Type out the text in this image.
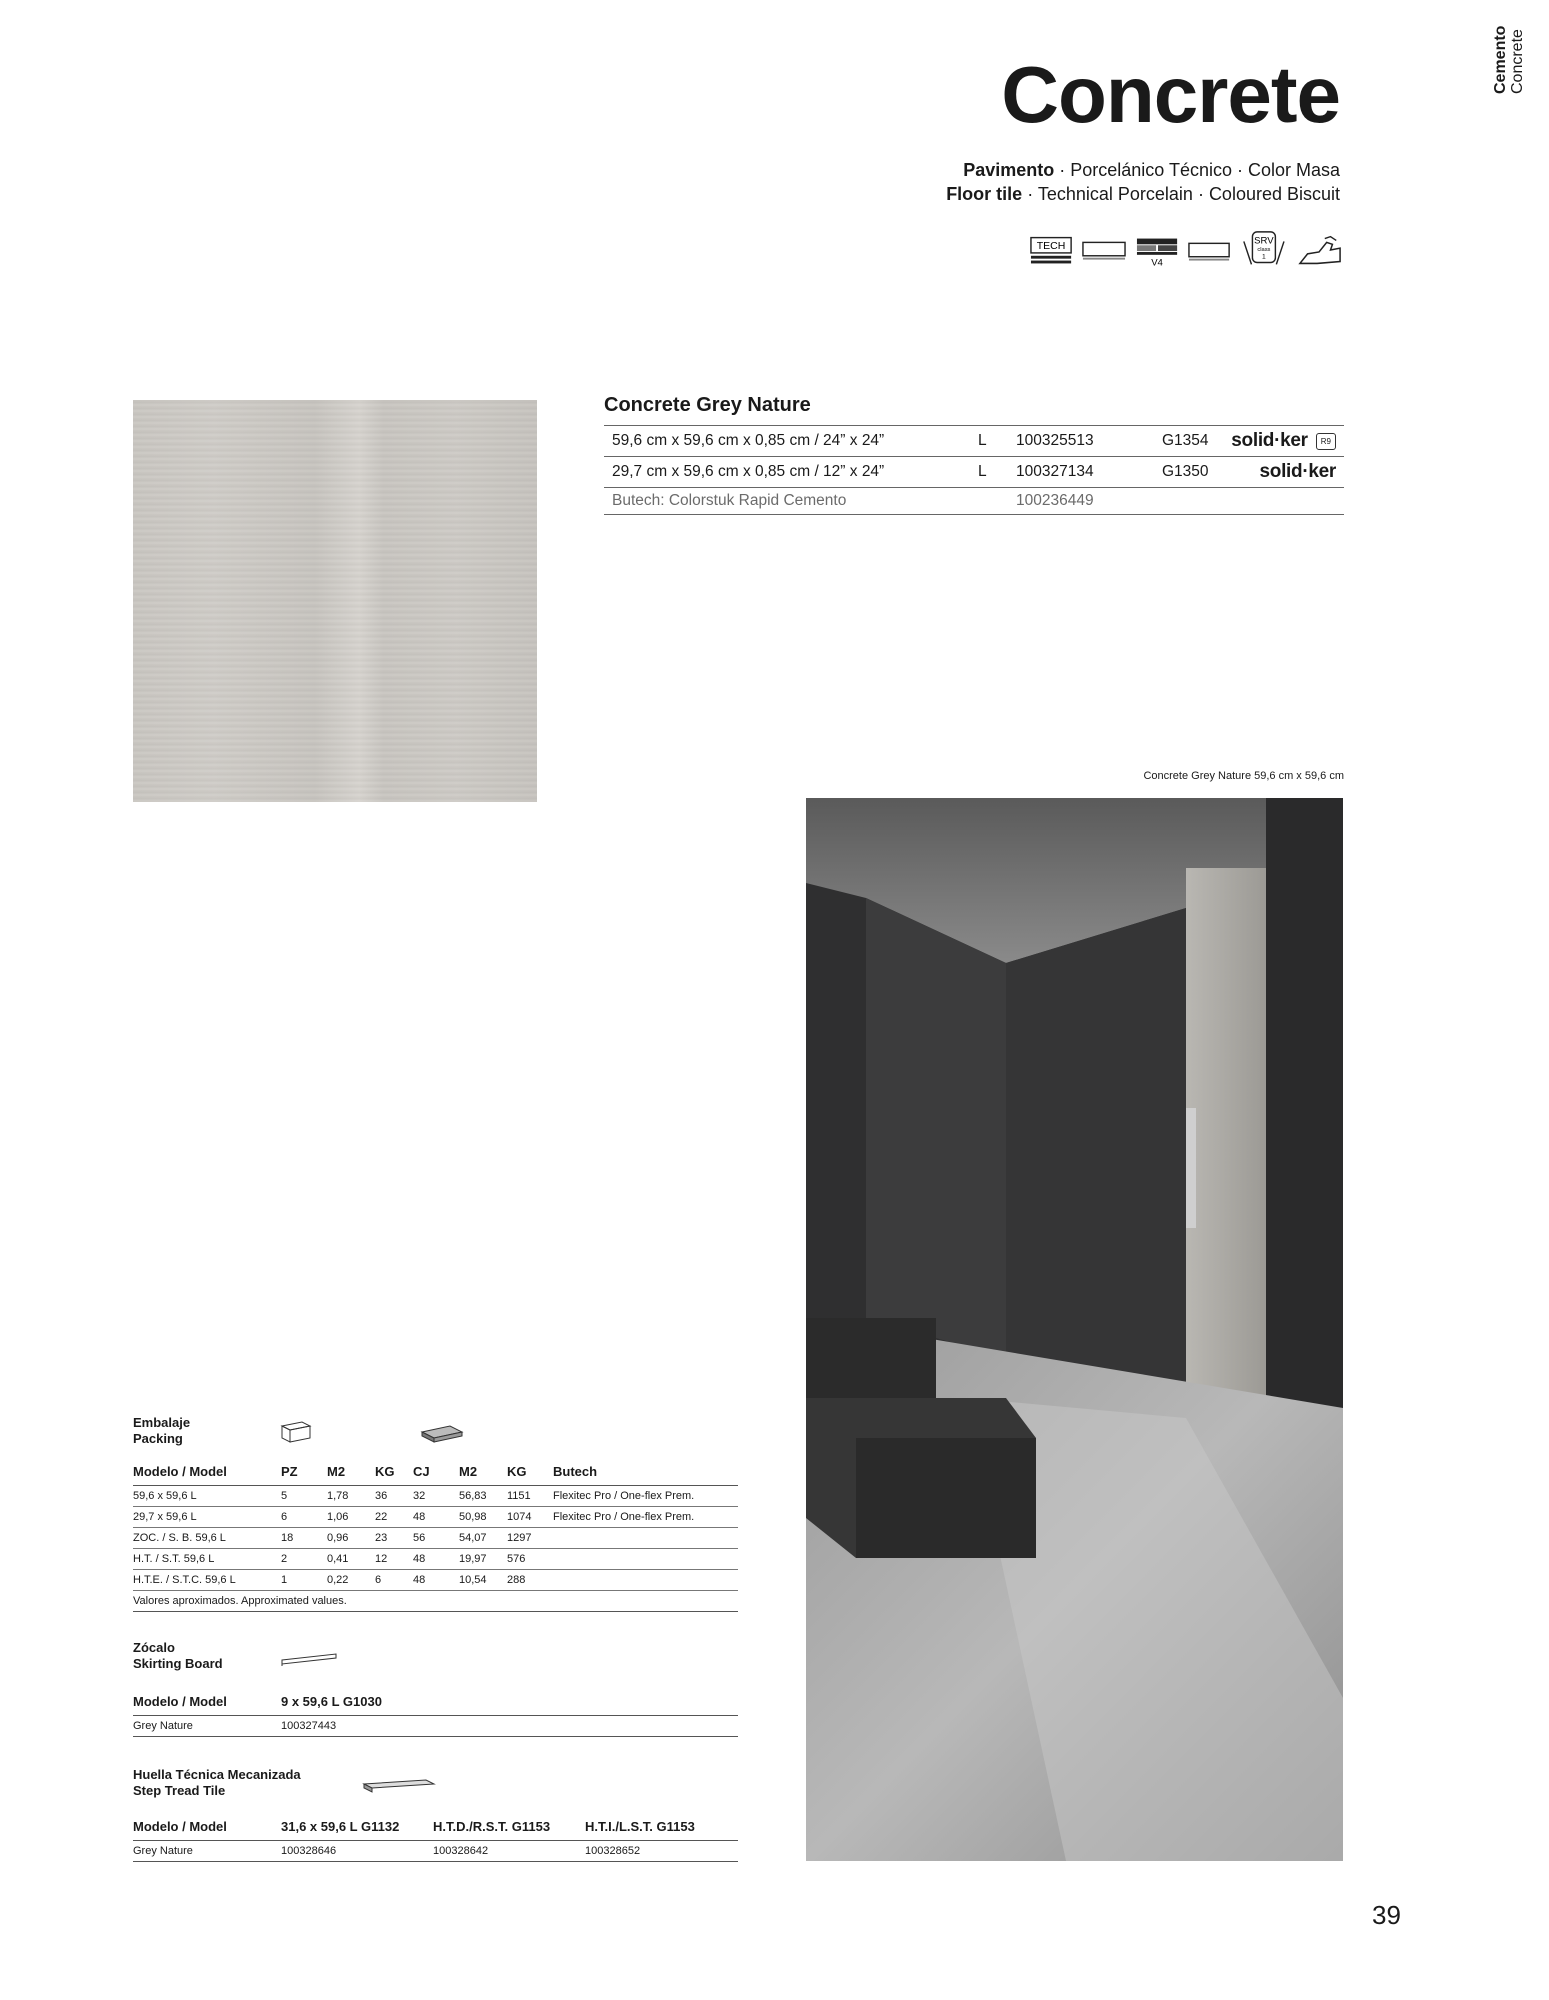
Cemento Concrete
Concrete
Pavimento · Porcelánico Técnico · Color Masa
Floor tile · Technical Porcelain · Coloured Biscuit
TECH
V4
SRV
class
1
Concrete Grey Nature
59,6 cm x 59,6 cm x 0,85 cm / 24” x 24”	L	100325513	G1354	solid·ker R9
29,7 cm x 59,6 cm x 0,85 cm / 12” x 24”	L	100327134	G1350	solid·ker
Butech: Colorstuk Rapid Cemento		100236449		
Concrete Grey Nature 59,6 cm x 59,6 cm
Embalaje
Packing
Modelo / Model	PZ	M2	KG	CJ	M2	KG	Butech
59,6 x 59,6 L	5	1,78	36	32	56,83	1151	Flexitec Pro / One-flex Prem.
29,7 x 59,6 L	6	1,06	22	48	50,98	1074	Flexitec Pro / One-flex Prem.
ZOC. / S. B. 59,6 L	18	0,96	23	56	54,07	1297	
H.T. / S.T. 59,6 L	2	0,41	12	48	19,97	576	
H.T.E. / S.T.C. 59,6 L	1	0,22	6	48	10,54	288	
Valores aproximados. Approximated values.							
Zócalo
Skirting Board
Modelo / Model	9 x 59,6 L G1030
Grey Nature	100327443
Huella Técnica Mecanizada
Step Tread Tile
Modelo / Model	31,6 x 59,6 L G1132	H.T.D./R.S.T. G1153	H.T.I./L.S.T. G1153
Grey Nature	100328646	100328642	100328652
39
